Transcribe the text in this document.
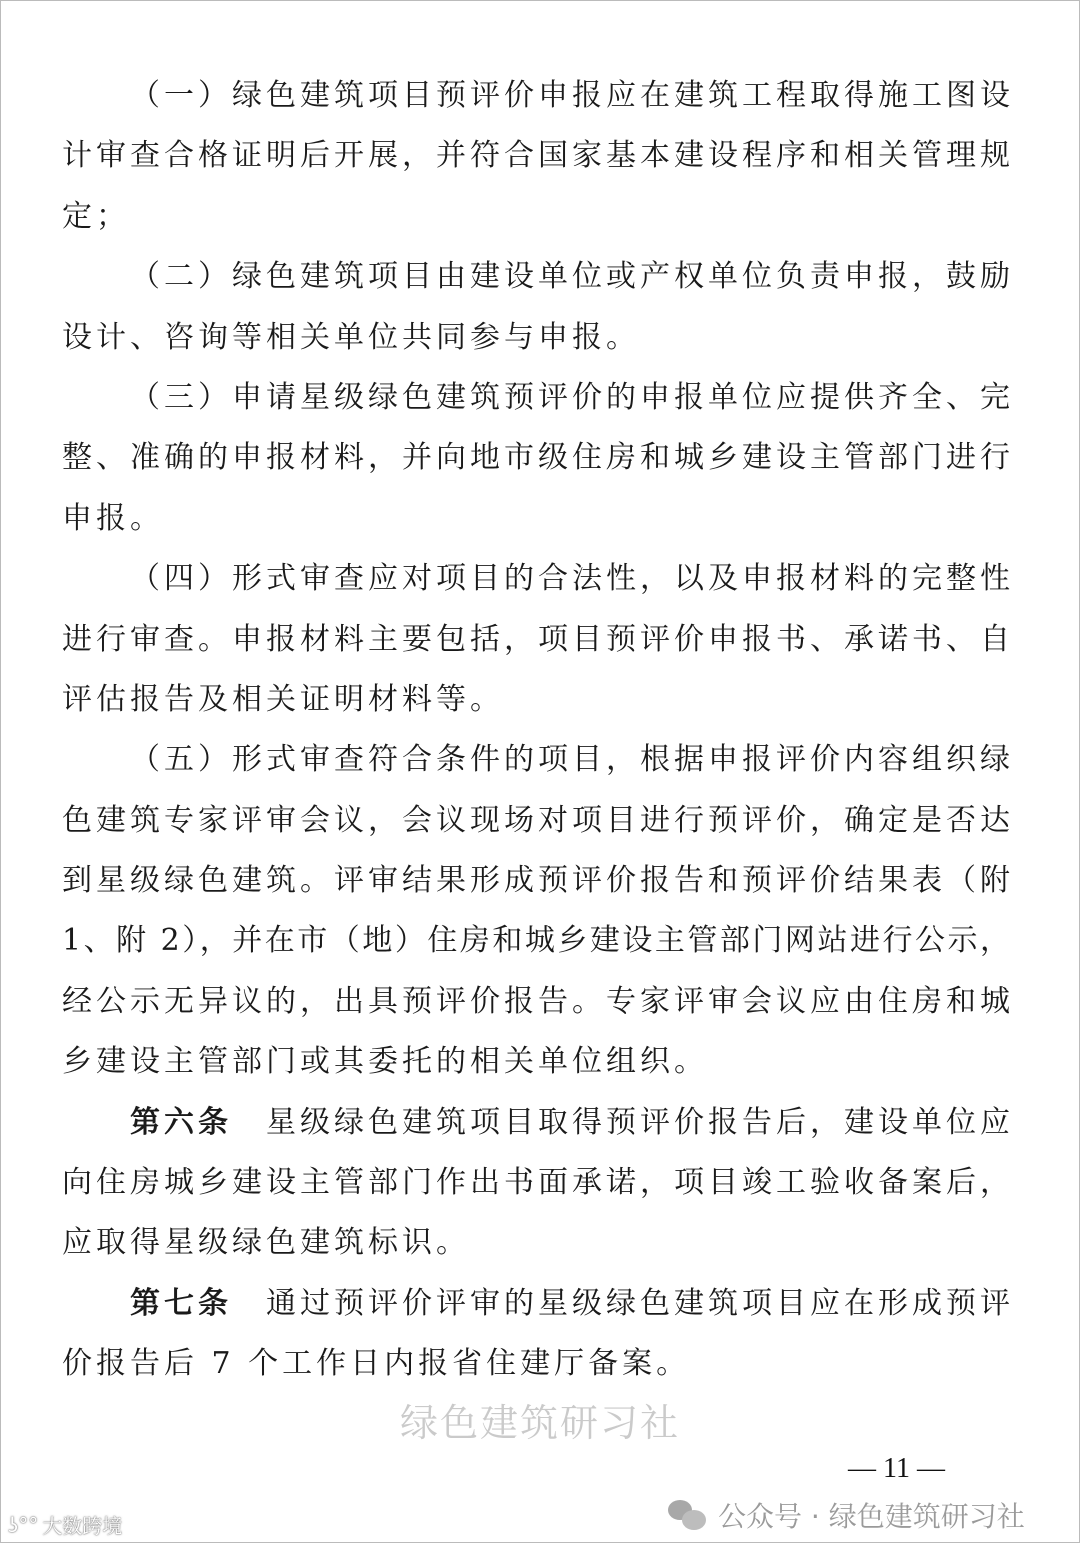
（一）绿色建筑项目预评价申报应在建筑工程取得施工图设
计审查合格证明后开展，并符合国家基本建设程序和相关管理规
定；
（二）绿色建筑项目由建设单位或产权单位负责申报，鼓励
设计、咨询等相关单位共同参与申报。
（三）申请星级绿色建筑预评价的申报单位应提供齐全、完
整、准确的申报材料，并向地市级住房和城乡建设主管部门进行
申报。
（四）形式审查应对项目的合法性，以及申报材料的完整性
进行审查。申报材料主要包括，项目预评价申报书、承诺书、自
评估报告及相关证明材料等。
（五）形式审查符合条件的项目，根据申报评价内容组织绿
色建筑专家评审会议，会议现场对项目进行预评价，确定是否达
到星级绿色建筑。评审结果形成预评价报告和预评价结果表（附
1、附 2），并在市（地）住房和城乡建设主管部门网站进行公示，
经公示无异议的，出具预评价报告。专家评审会议应由住房和城
乡建设主管部门或其委托的相关单位组织。
第六条  星级绿色建筑项目取得预评价报告后，建设单位应
向住房城乡建设主管部门作出书面承诺，项目竣工验收备案后，
应取得星级绿色建筑标识。
第七条  通过预评价评审的星级绿色建筑项目应在形成预评
价报告后 7 个工作日内报省住建厅备案。
绿色建筑研习社
— 11 —
公众号 · 绿色建筑研习社
ʖ°° 大数跨境
